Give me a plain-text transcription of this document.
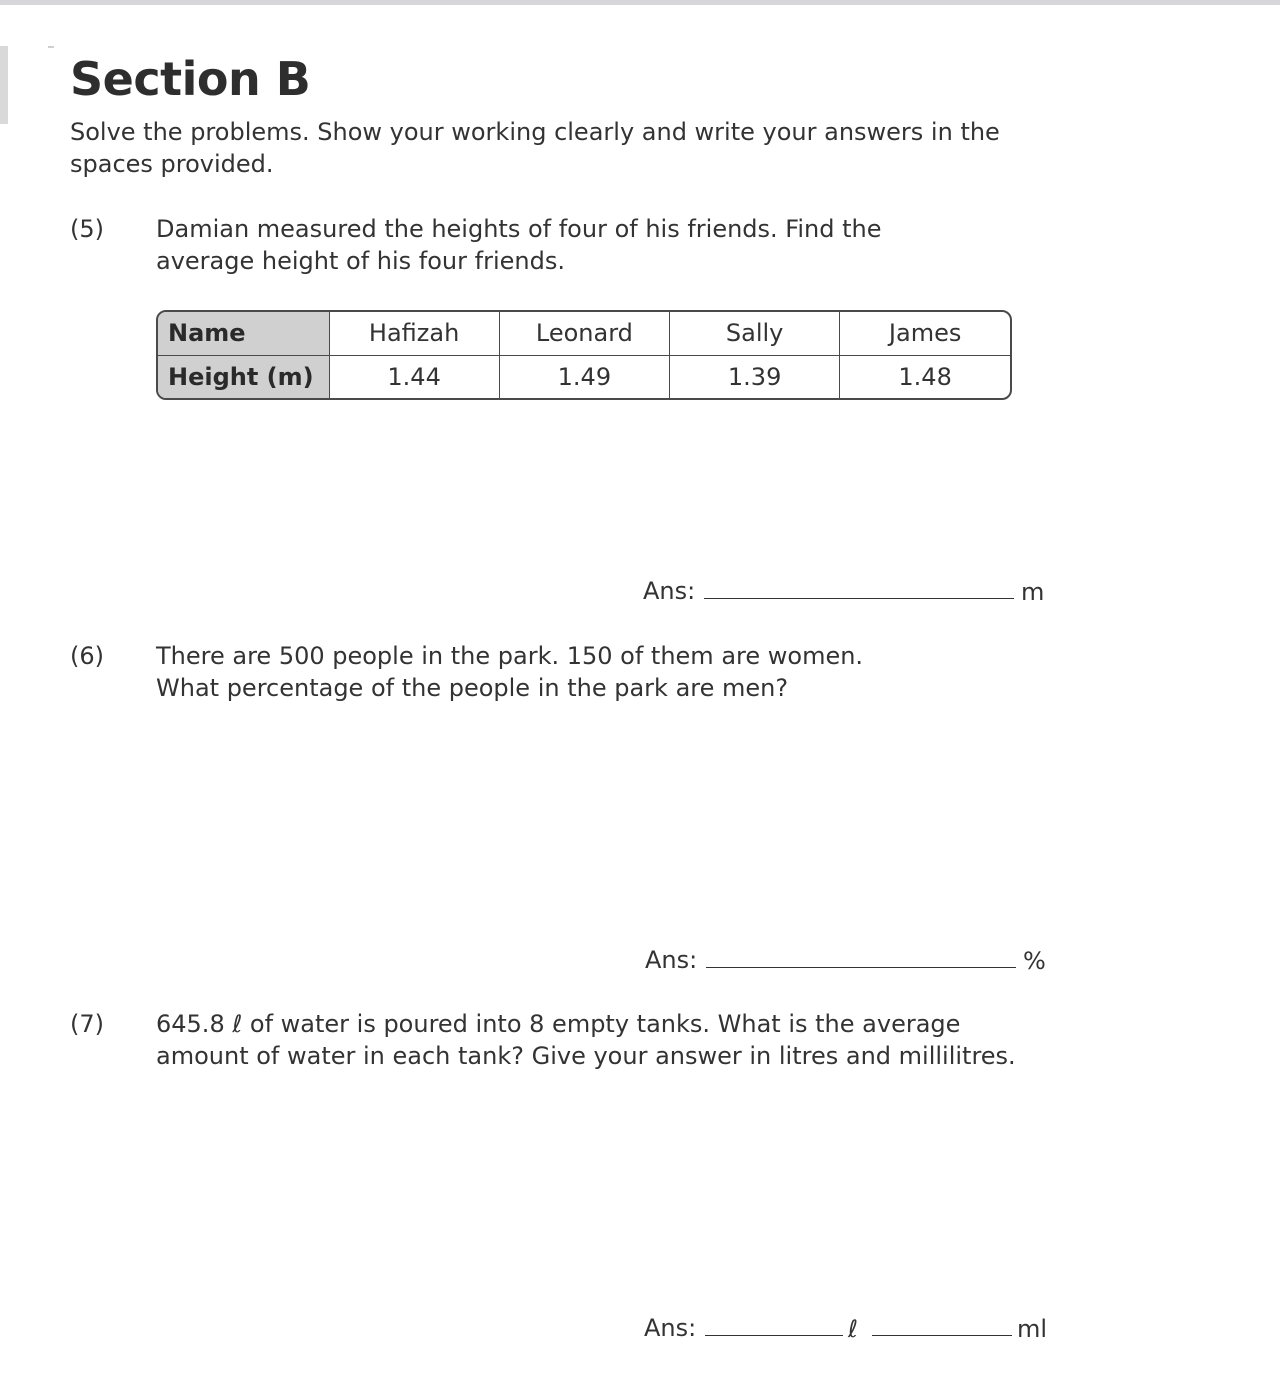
Section B
Solve the problems. Show your working clearly and write your answers in the spaces provided.
(5) Damian measured the heights of four of his friends. Find the average height of his four friends.
Name	Hafizah	Leonard	Sally	James
Height (m)	1.44	1.49	1.39	1.48
Ans:	m
(6) There are 500 people in the park. 150 of them are women.
What percentage of the people in the park are men?
Ans:	%
(7) 645.8 ℓ of water is poured into 8 empty tanks. What is the average amount of water in each tank? Give your answer in litres and millilitres.
Ans:	ℓ	ml
